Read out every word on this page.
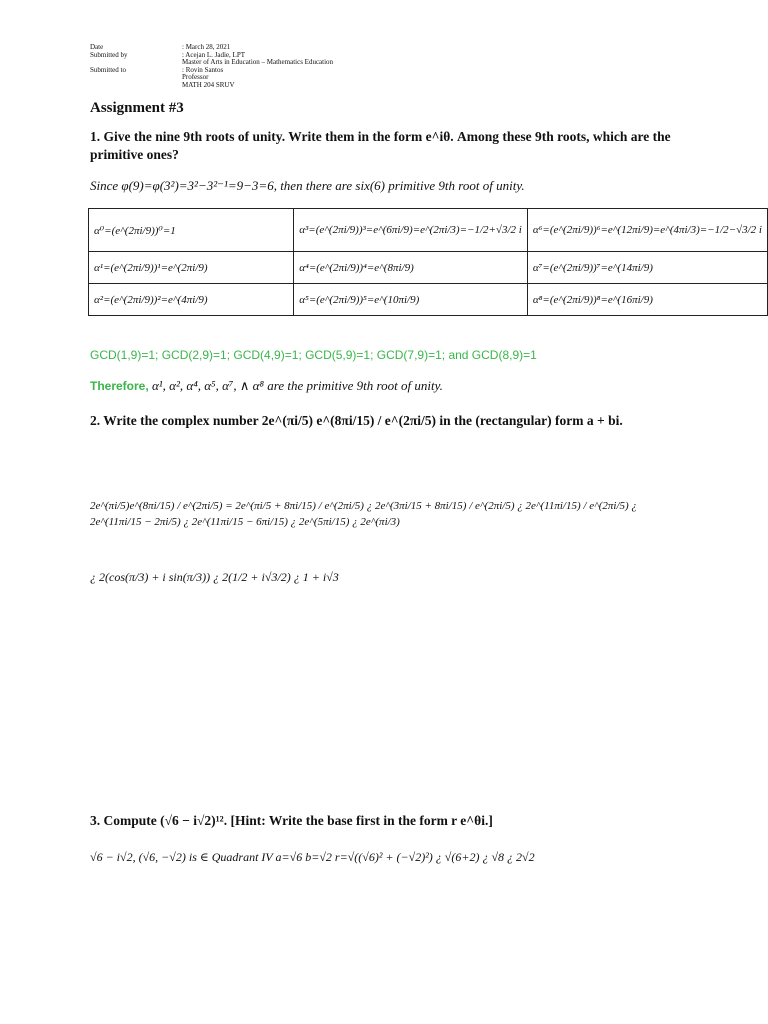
Date	: March 28, 2021
Submitted by	: Acejan L. Jadie, LPT
Master of Arts in Education – Mathematics Education
Submitted to	: Rovin Santos
Professor
MATH 204 SRUV
Assignment #3
1. Give the nine 9th roots of unity. Write them in the form e^iθ. Among these 9th roots, which are the primitive ones?
Since φ(9)=φ(3²)=3²−3²⁻¹=9−3=6, then there are six(6) primitive 9th root of unity.
α⁰=(e^(2πi/9))⁰=1	α³=(e^(2πi/9))³=e^(6πi/9)=e^(2πi/3)=−1/2+√3/2 i	α⁶=(e^(2πi/9))⁶=e^(12πi/9)=e^(4πi/3)=−1/2−√3/2 i
α¹=(e^(2πi/9))¹=e^(2πi/9)	α⁴=(e^(2πi/9))⁴=e^(8πi/9)	α⁷=(e^(2πi/9))⁷=e^(14πi/9)
α²=(e^(2πi/9))²=e^(4πi/9)	α⁵=(e^(2πi/9))⁵=e^(10πi/9)	α⁸=(e^(2πi/9))⁸=e^(16πi/9)
GCD(1,9)=1; GCD(2,9)=1; GCD(4,9)=1; GCD(5,9)=1; GCD(7,9)=1; and GCD(8,9)=1
Therefore, α¹, α², α⁴, α⁵, α⁷, ∧ α⁸ are the primitive 9th root of unity.
2. Write the complex number 2e^(πi/5) e^(8πi/15) / e^(2πi/5) in the (rectangular) form a + bi.
2e^(πi/5)e^(8πi/15) / e^(2πi/5) = 2e^(πi/5 + 8πi/15) / e^(2πi/5) ¿ 2e^(3πi/15 + 8πi/15) / e^(2πi/5) ¿ 2e^(11πi/15) / e^(2πi/5) ¿ 2e^(11πi/15 − 2πi/5) ¿ 2e^(11πi/15 − 6πi/15) ¿ 2e^(5πi/15) ¿ 2e^(πi/3)
¿ 2(cos(π/3) + i sin(π/3)) ¿ 2(1/2 + i√3/2) ¿ 1 + i√3
3. Compute (√6 − i√2)¹². [Hint: Write the base first in the form r e^θi.]
√6 − i√2, (√6, −√2) is ∈ Quadrant IV a=√6 b=√2 r=√((√6)² + (−√2)²) ¿ √(6+2) ¿ √8 ¿ 2√2
